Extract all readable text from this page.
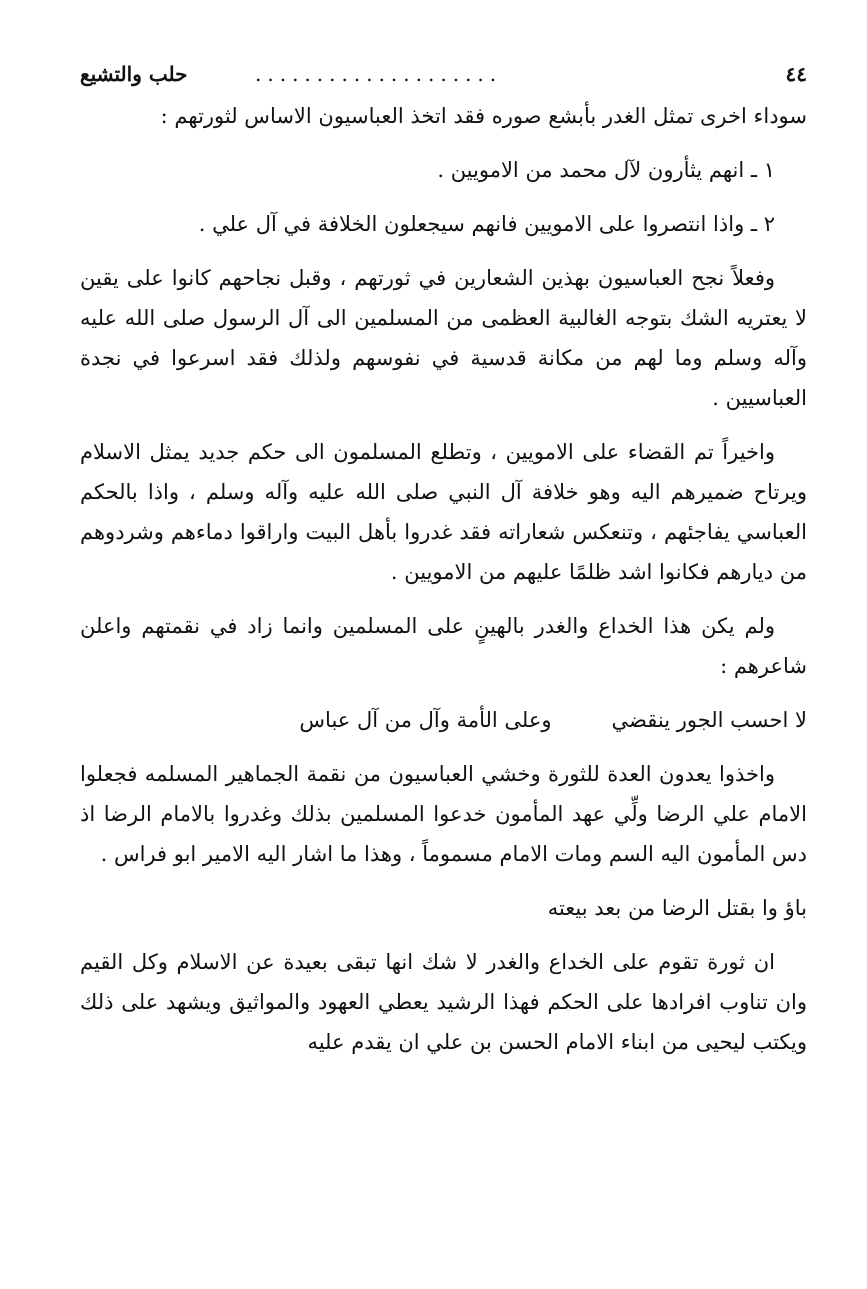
٤٤
....................
حلب والتشيع

سوداء اخرى تمثل الغدر بأبشع صوره فقد اتخذ العباسيون الاساس لثورتهم :

١ ـ انهم يثأرون لآل محمد من الامويين .

٢ ـ واذا انتصروا على الامويين فانهم سيجعلون الخلافة في آل علي .

وفعلاً نجح العباسيون بهذين الشعارين في ثورتهم ، وقبل نجاحهم كانوا على يقين لا يعتريه الشك بتوجه الغالبية العظمى من المسلمين الى آل الرسول صلى الله عليه وآله وسلم وما لهم من مكانة قدسية في نفوسهم ولذلك فقد اسرعوا في نجدة العباسيين .

واخيراً تم القضاء على الامويين ، وتطلع المسلمون الى حكم جديد يمثل الاسلام ويرتاح ضميرهم اليه وهو خلافة آل النبي صلى الله عليه وآله وسلم ، واذا بالحكم العباسي يفاجئهم ، وتنعكس شعاراته فقد غدروا بأهل البيت واراقوا دماءهم وشردوهم من ديارهم فكانوا اشد ظلمًا عليهم من الامويين .

ولم يكن هذا الخداع والغدر بالهينٍ على المسلمين وانما زاد في نقمتهم واعلن شاعرهم :

لا احسب الجور ينقضي
وعلى الأمة وآل من آل عباس

واخذوا يعدون العدة للثورة وخشي العباسيون من نقمة الجماهير المسلمه فجعلوا الامام علي الرضا ولِّي عهد المأمون خدعوا المسلمين بذلك وغدروا بالامام الرضا اذ دس المأمون اليه السم ومات الامام مسموماً ، وهذا ما اشار اليه الامير ابو فراس .

باؤ وا بقتل الرضا من بعد بيعته

ان ثورة تقوم على الخداع والغدر لا شك انها تبقى بعيدة عن الاسلام وكل القيم وان تناوب افرادها على الحكم فهذا الرشيد يعطي العهود والمواثيق ويشهد على ذلك ويكتب ليحيى من ابناء الامام الحسن بن علي ان يقدم عليه
